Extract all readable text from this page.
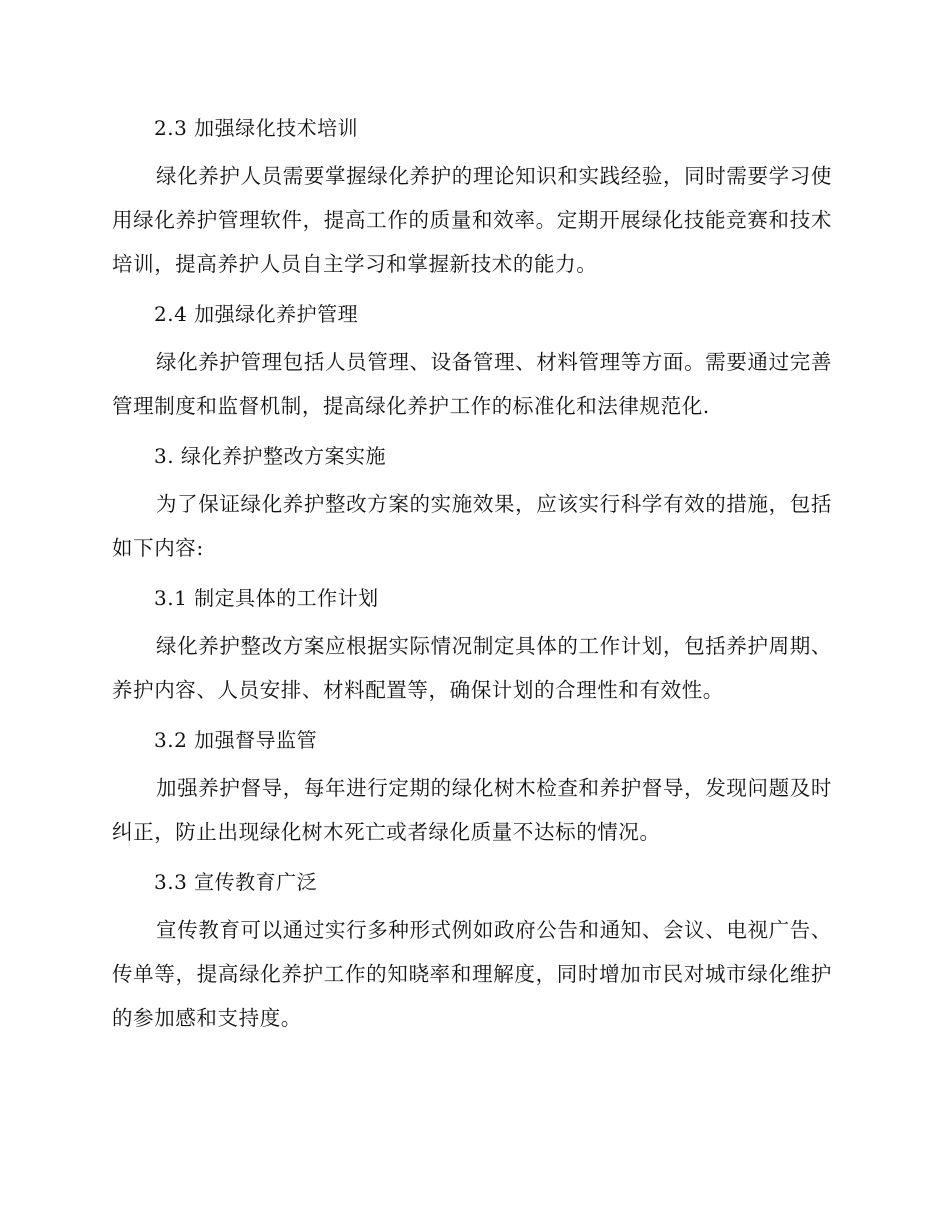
2.3 加强绿化技术培训

绿化养护人员需要掌握绿化养护的理论知识和实践经验，同时需要学习使用绿化养护管理软件，提高工作的质量和效率。定期开展绿化技能竞赛和技术培训，提高养护人员自主学习和掌握新技术的能力。

2.4 加强绿化养护管理

绿化养护管理包括人员管理、设备管理、材料管理等方面。需要通过完善管理制度和监督机制，提高绿化养护工作的标准化和法律规范化.

3. 绿化养护整改方案实施

为了保证绿化养护整改方案的实施效果，应该实行科学有效的措施，包括如下内容:

3.1 制定具体的工作计划

绿化养护整改方案应根据实际情况制定具体的工作计划，包括养护周期、养护内容、人员安排、材料配置等，确保计划的合理性和有效性。

3.2 加强督导监管

加强养护督导，每年进行定期的绿化树木检查和养护督导，发现问题及时纠正，防止出现绿化树木死亡或者绿化质量不达标的情况。

3.3 宣传教育广泛

宣传教育可以通过实行多种形式例如政府公告和通知、会议、电视广告、传单等，提高绿化养护工作的知晓率和理解度，同时增加市民对城市绿化维护的参加感和支持度。
